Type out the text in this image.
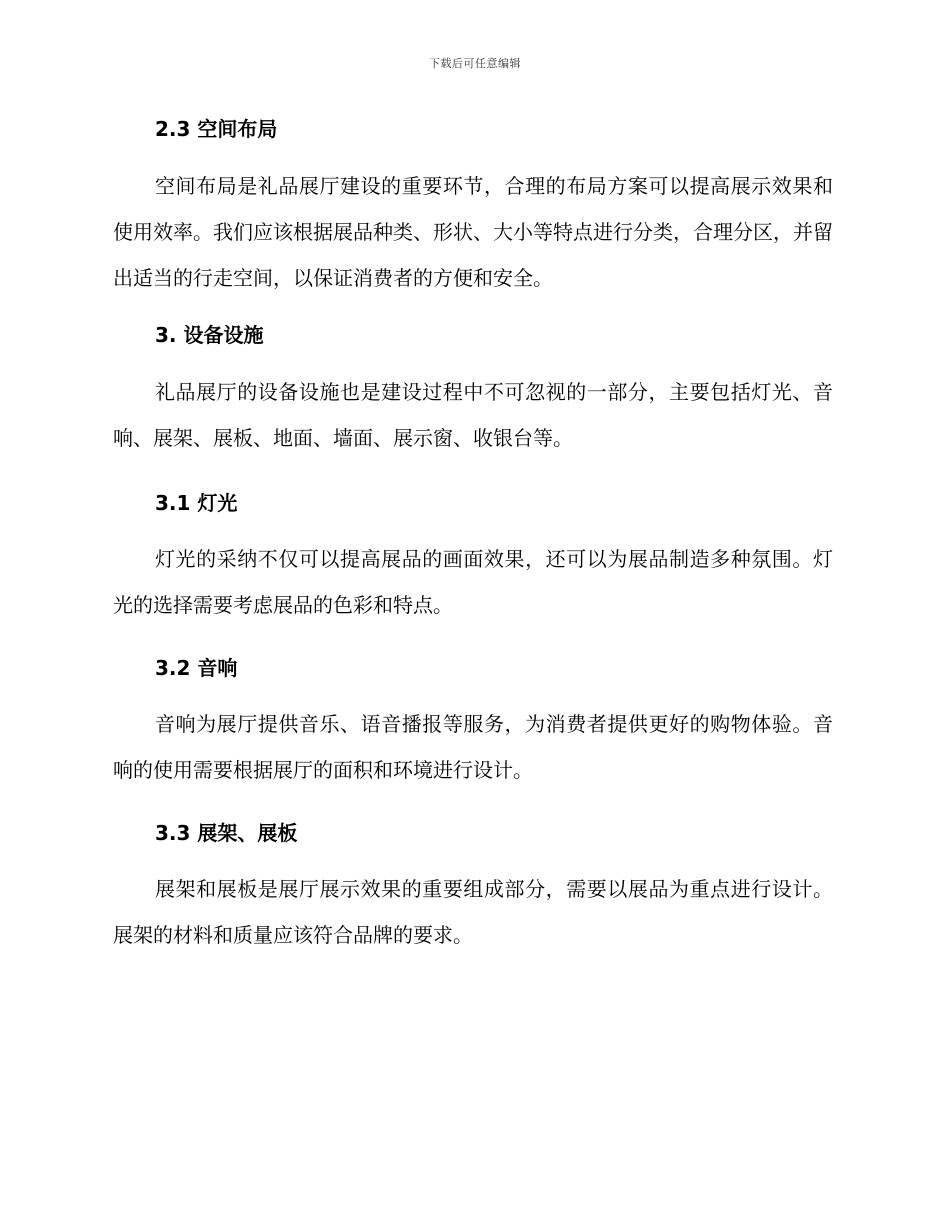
下载后可任意编辑
2.3 空间布局

空间布局是礼品展厅建设的重要环节，合理的布局方案可以提高展示效果和使用效率。我们应该根据展品种类、形状、大小等特点进行分类，合理分区，并留出适当的行走空间，以保证消费者的方便和安全。

3. 设备设施

礼品展厅的设备设施也是建设过程中不可忽视的一部分，主要包括灯光、音响、展架、展板、地面、墙面、展示窗、收银台等。

3.1 灯光

灯光的采纳不仅可以提高展品的画面效果，还可以为展品制造多种氛围。灯光的选择需要考虑展品的色彩和特点。

3.2 音响

音响为展厅提供音乐、语音播报等服务，为消费者提供更好的购物体验。音响的使用需要根据展厅的面积和环境进行设计。

3.3 展架、展板

展架和展板是展厅展示效果的重要组成部分，需要以展品为重点进行设计。展架的材料和质量应该符合品牌的要求。
